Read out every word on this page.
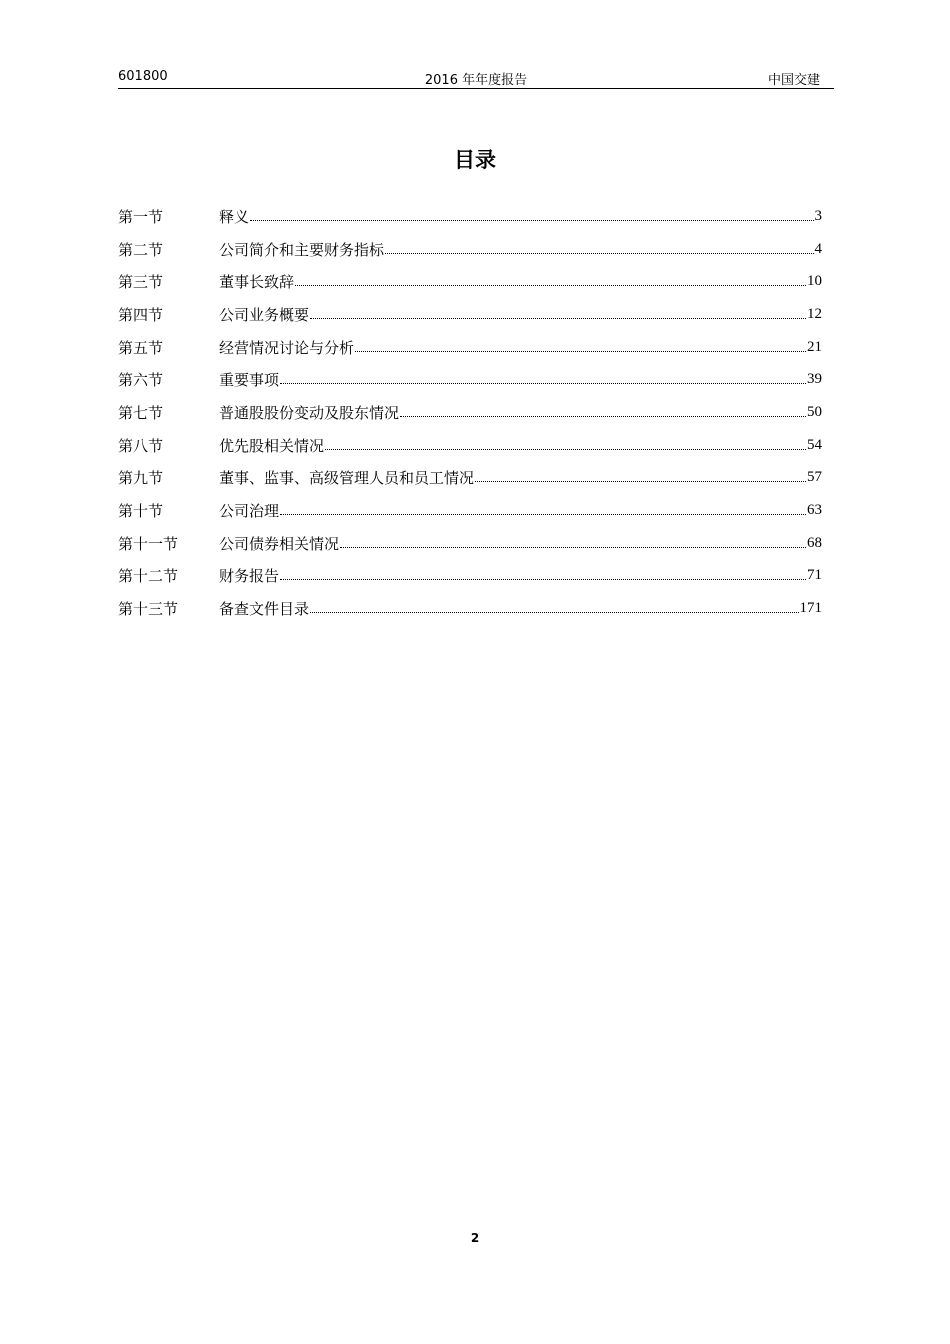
601800	2016 年年度报告	中国交建
目录
第一节	释义	3
第二节	公司简介和主要财务指标	4
第三节	董事长致辞	10
第四节	公司业务概要	12
第五节	经营情况讨论与分析	21
第六节	重要事项	39
第七节	普通股股份变动及股东情况	50
第八节	优先股相关情况	54
第九节	董事、监事、高级管理人员和员工情况	57
第十节	公司治理	63
第十一节	公司债券相关情况	68
第十二节	财务报告	71
第十三节	备查文件目录	171
2
